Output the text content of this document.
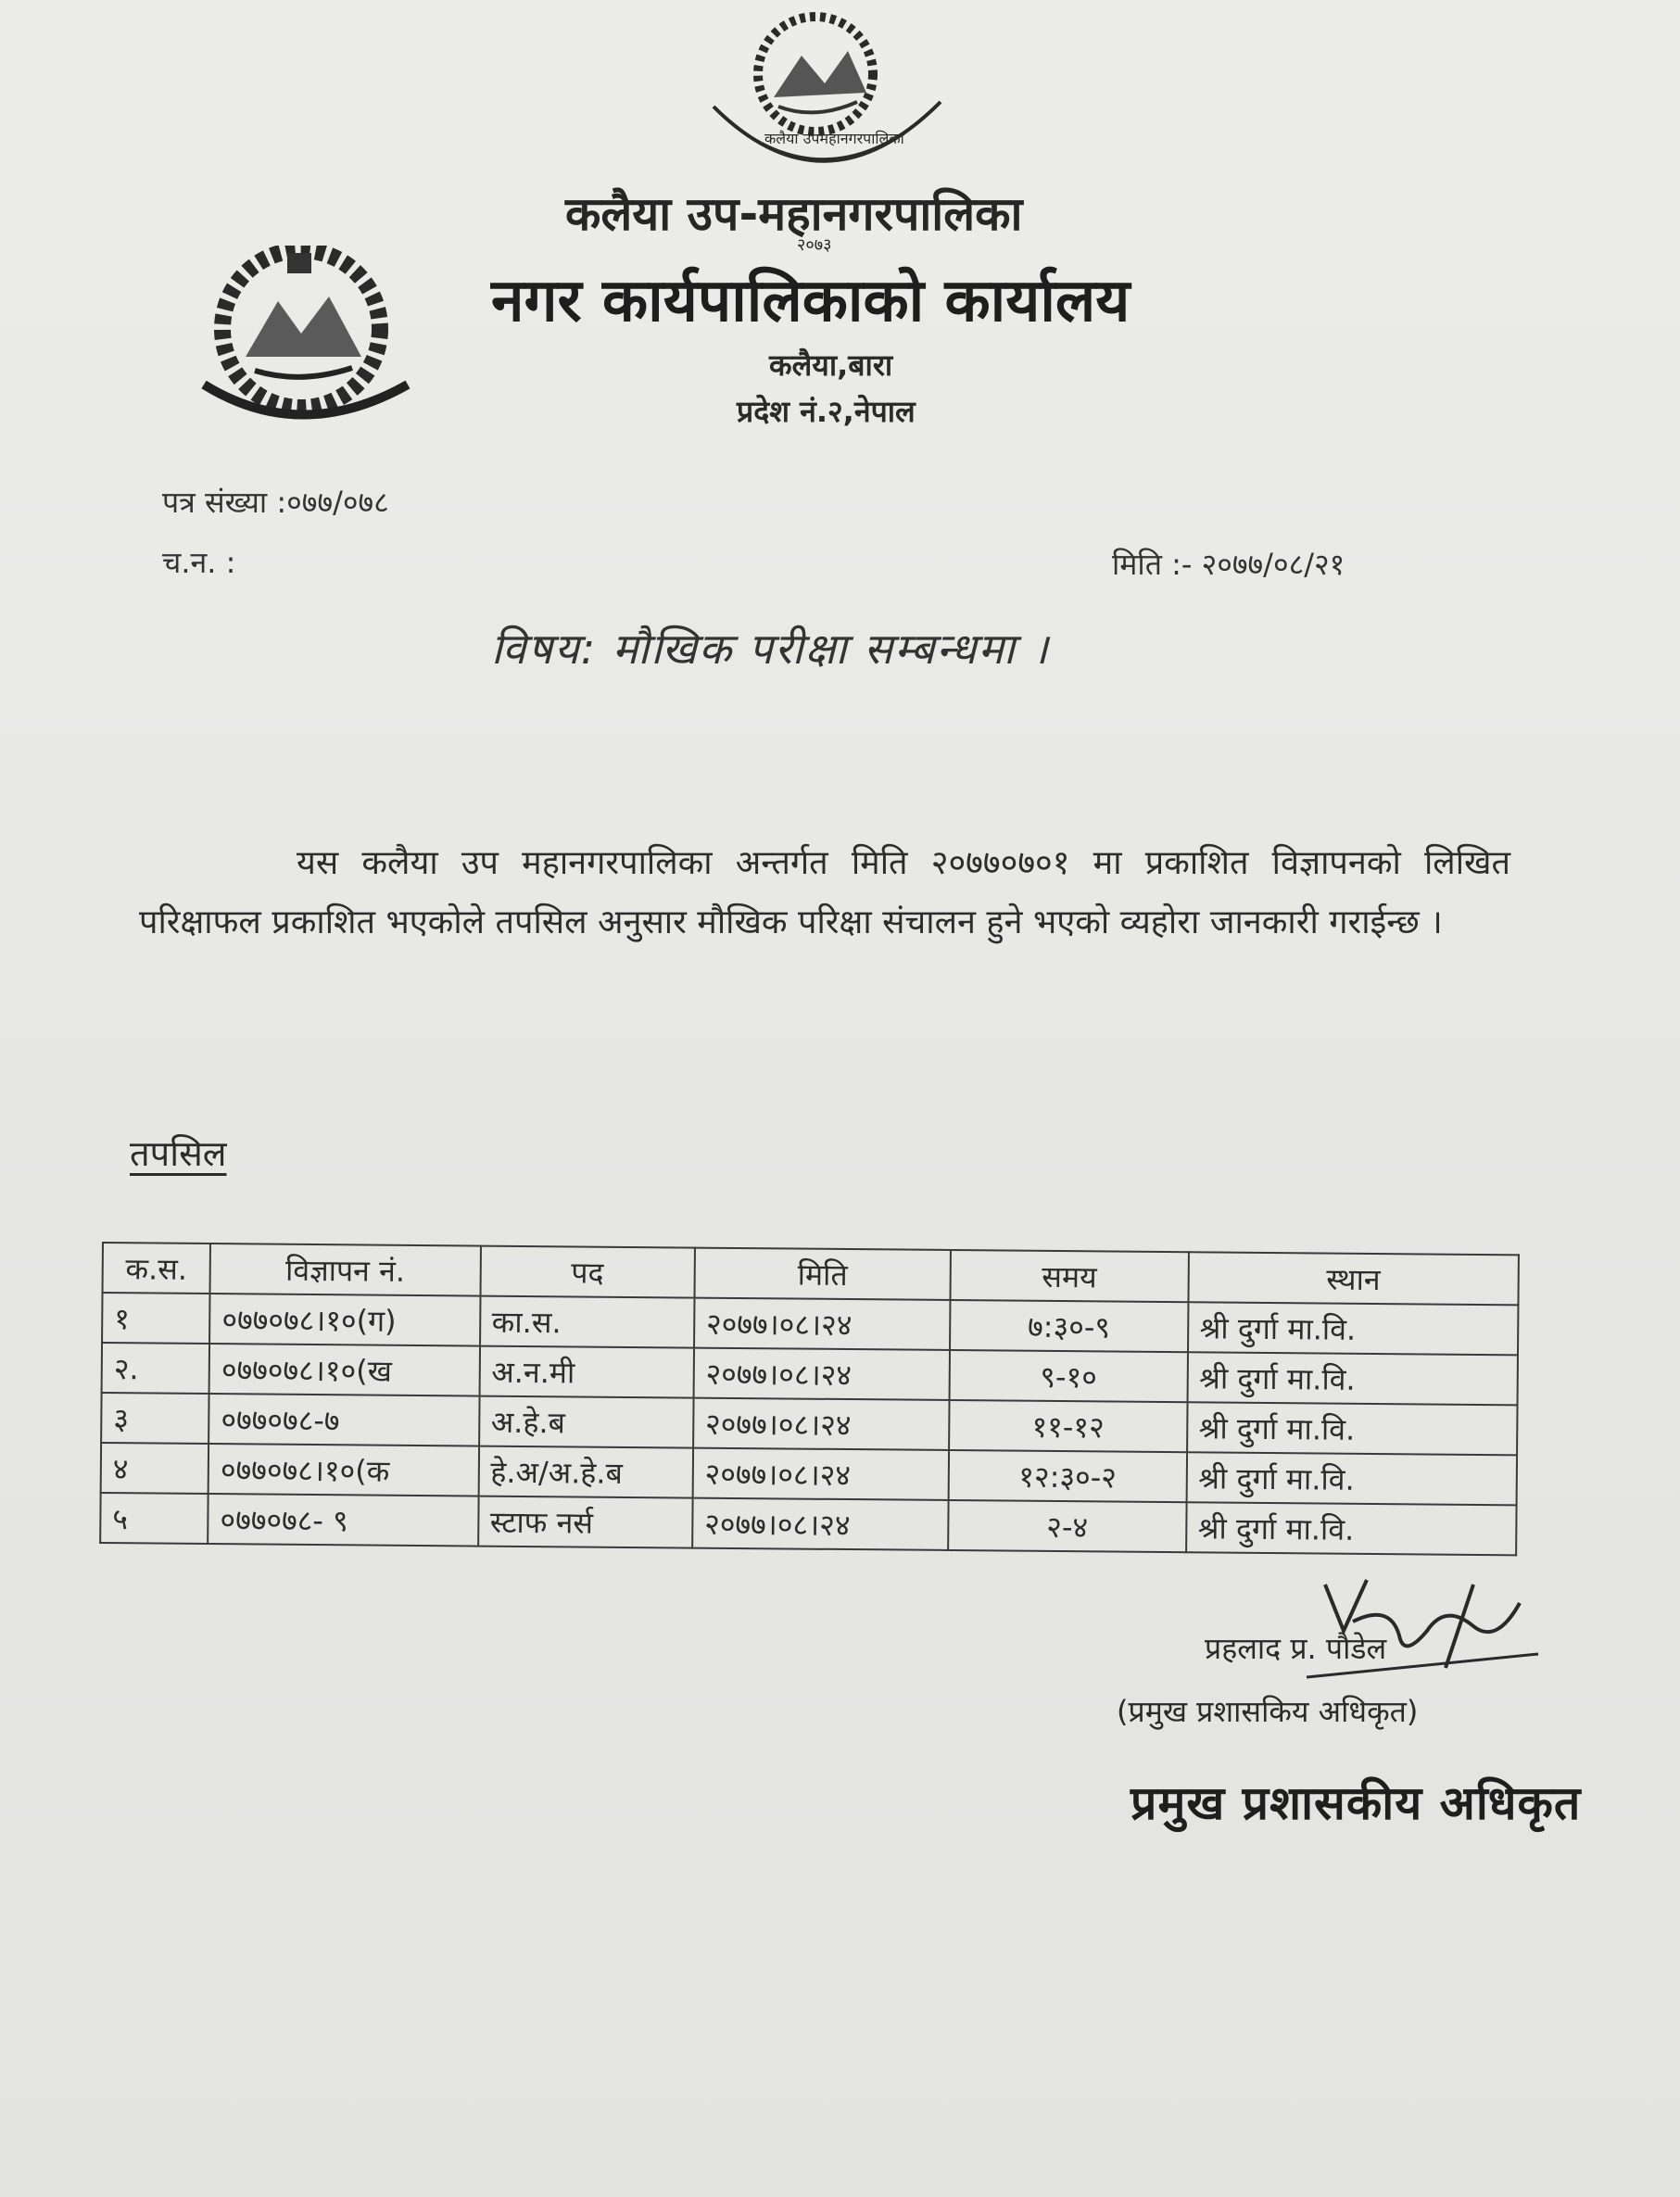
कलैया उपमहानगरपालिका
२०७३
कलैया उप-महानगरपालिका
नगर कार्यपालिकाको कार्यालय
कलैया,बारा
प्रदेश नं.२,नेपाल
पत्र संख्या :०७७/०७८
च.न. :	मिति :- २०७७/०८/२१
विषय: मौखिक परीक्षा सम्बन्धमा ।
यस कलैया उप महानगरपालिका अन्तर्गत मिति २०७७०७०१ मा प्रकाशित विज्ञापनको लिखित परिक्षाफल प्रकाशित भएकोले तपसिल अनुसार मौखिक परिक्षा संचालन हुने भएको व्यहोरा जानकारी गराईन्छ ।
तपसिल
क.स.	विज्ञापन नं.	पद	मिति	समय	स्थान
१	०७७०७८।१०(ग)	का.स.	२०७७।०८।२४	७:३०-९	श्री दुर्गा मा.वि.
२.	०७७०७८।१०(ख	अ.न.मी	२०७७।०८।२४	९-१०	श्री दुर्गा मा.वि.
३	०७७०७८-७	अ.हे.ब	२०७७।०८।२४	११-१२	श्री दुर्गा मा.वि.
४	०७७०७८।१०(क	हे.अ/अ.हे.ब	२०७७।०८।२४	१२:३०-२	श्री दुर्गा मा.वि.
५	०७७०७८- ९	स्टाफ नर्स	२०७७।०८।२४	२-४	श्री दुर्गा मा.वि.
प्रहलाद प्र. पौडेल
(प्रमुख प्रशासकिय अधिकृत)
प्रमुख प्रशासकीय अधिकृत
